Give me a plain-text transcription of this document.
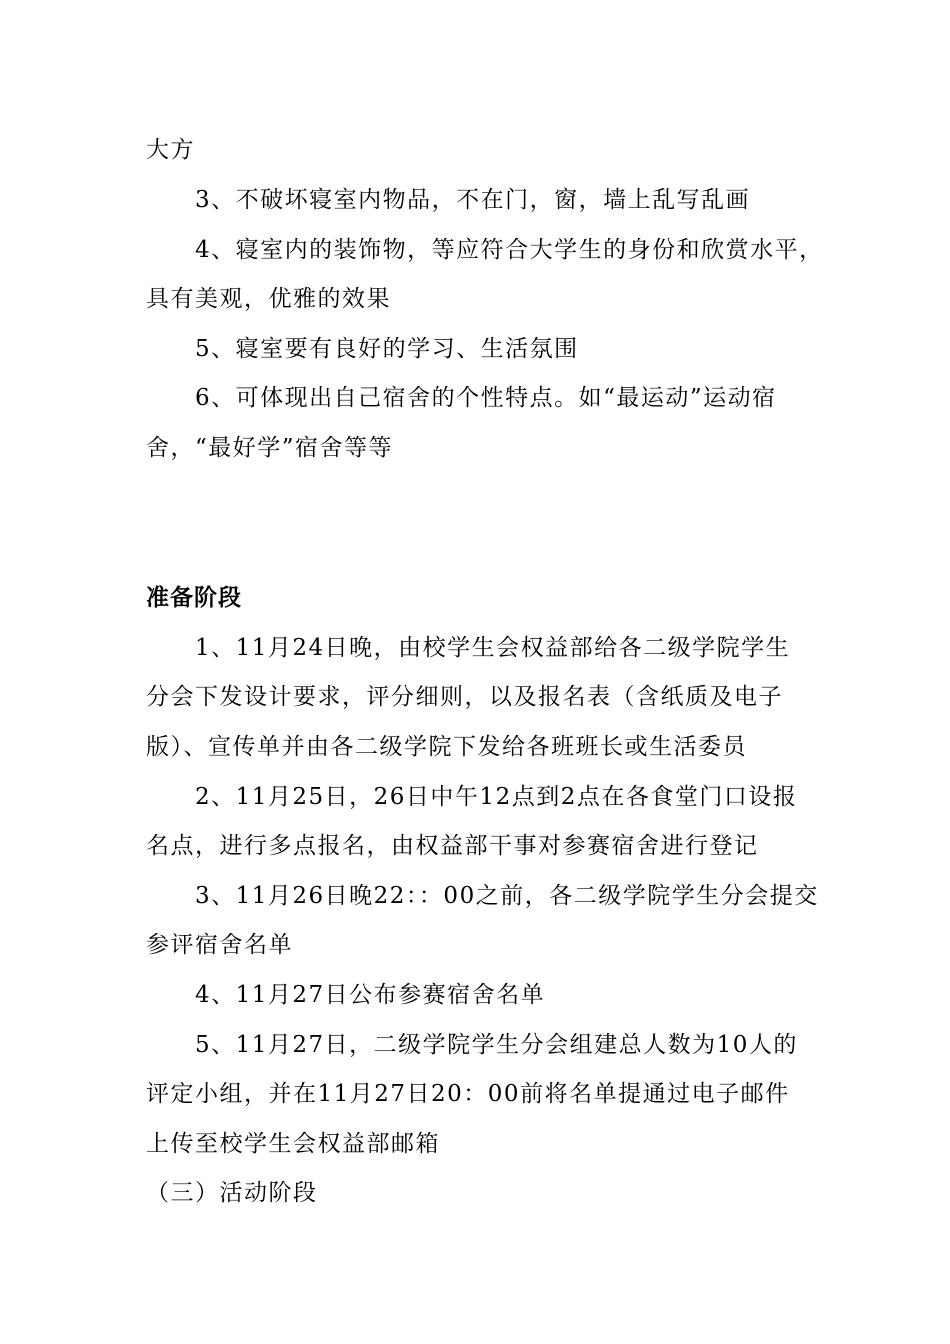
大方
3、不破坏寝室内物品，不在门，窗，墙上乱写乱画
4、寝室内的装饰物，等应符合大学生的身份和欣赏水平，
具有美观，优雅的效果
5、寝室要有良好的学习、生活氛围
6、可体现出自己宿舍的个性特点。如“最运动”运动宿
舍，“最好学”宿舍等等
准备阶段
1、11月24日晚，由校学生会权益部给各二级学院学生
分会下发设计要求，评分细则，以及报名表（含纸质及电子
版）、宣传单并由各二级学院下发给各班班长或生活委员
2、11月25日，26日中午12点到2点在各食堂门口设报
名点，进行多点报名，由权益部干事对参赛宿舍进行登记
3、11月26日晚22：：00之前，各二级学院学生分会提交
参评宿舍名单
4、11月27日公布参赛宿舍名单
5、11月27日，二级学院学生分会组建总人数为10人的
评定小组，并在11月27日20：00前将名单提通过电子邮件
上传至校学生会权益部邮箱
（三）活动阶段
